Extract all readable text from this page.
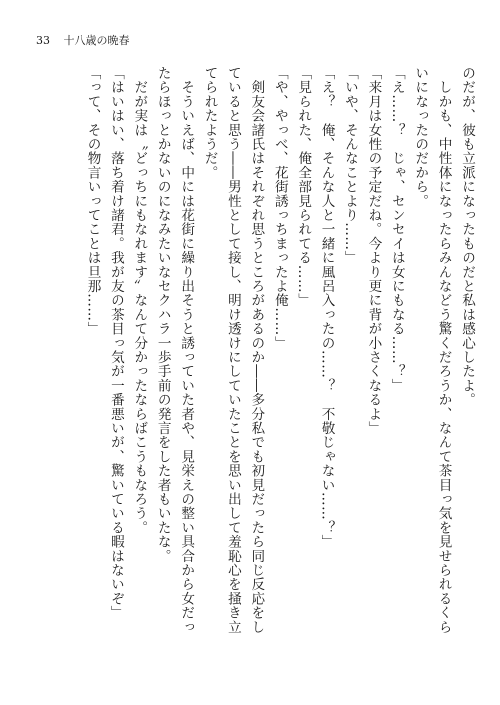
33 十八歳の晩春
のだが、彼も立派になったものだと私は感心したよ。
　しかも、中性体になったらみんなどう驚くだろうか、なんて茶目っ気を見せられるくら
いになったのだから。
「え……？　じゃ、センセイは女にもなる……？」
「来月は女性の予定だね。今より更に背が小さくなるよ」
「いや、そんなことより……」
「え？　俺、そんな人と一緒に風呂入ったの……？　不敬じゃない……？」
「見られた、俺全部見られてる……」
「や、やっべ、花街誘っちまったよ俺……」
　剣友会諸氏はそれぞれ思うところがあるのか――多分私でも初見だったら同じ反応をし
ていると思う――男性として接し、明け透けにしていたことを思い出して羞恥心を掻き立
てられたようだ。
　そういえば、中には花街に繰り出そうと誘っていた者や、見栄えの整い具合から女だっ
たらほっとかないのになみたいなセクハラ一歩手前の発言をした者もいたな。
　だが実は〝どっちにもなれます〟なんて分かったならばこうもなろう。
「はいはい、落ち着け諸君。我が友の茶目っ気が一番悪いが、驚いている暇はないぞ」
「って、その物言いってことは旦那……」
